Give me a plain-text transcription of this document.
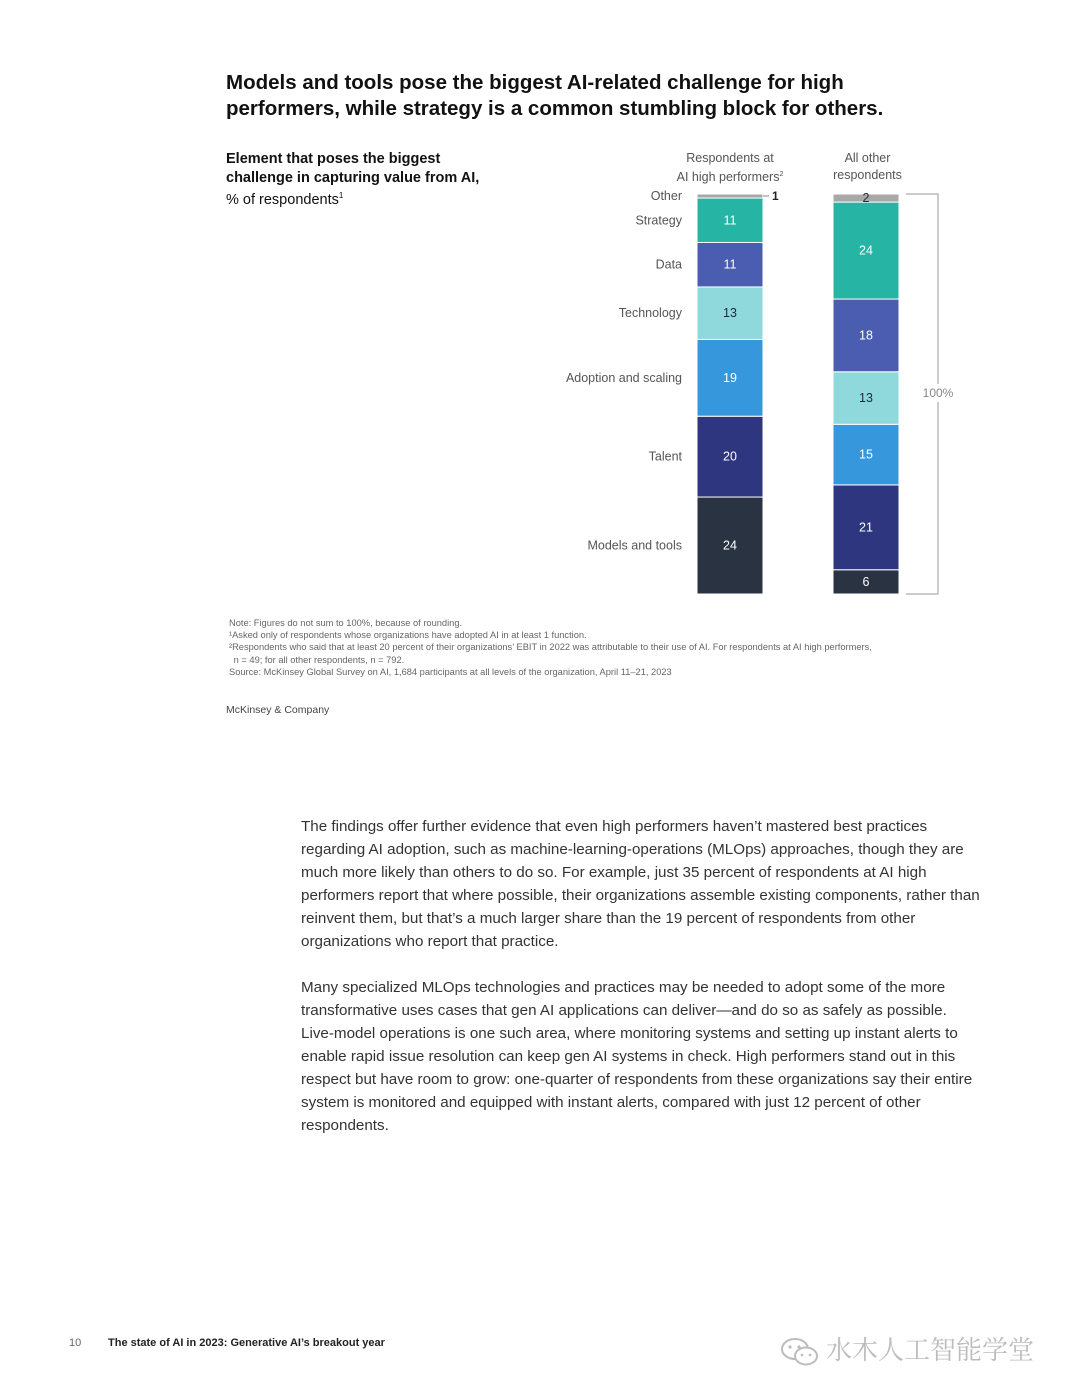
Models and tools pose the biggest AI-related challenge for high performers, while strategy is a common stumbling block for others.
Element that poses the biggest
challenge in capturing value from AI,
% of respondents$^1$
Respondents at
AI high performers$^2$
All other
respondents
24
20
19
13
11
11
1
6
21
15
13
18
24
2
Models and tools
Talent
Adoption and scaling
Technology
Data
Strategy
Other
100%
Note: Figures do not sum to 100%, because of rounding.
¹Asked only of respondents whose organizations have adopted AI in at least 1 function.
²Respondents who said that at least 20 percent of their organizations’ EBIT in 2022 was attributable to their use of AI. For respondents at AI high performers,
 n = 49; for all other respondents, n = 792.
Source: McKinsey Global Survey on AI, 1,684 participants at all levels of the organization, April 11–21, 2023
McKinsey & Company

The findings offer further evidence that even high performers haven’t mastered best practices regarding AI adoption, such as machine-learning-operations (MLOps) approaches, though they are much more likely than others to do so. For example, just 35 percent of respondents at AI high performers report that where possible, their organizations assemble existing components, rather than reinvent them, but that’s a much larger share than the 19 percent of respondents from other organizations who report that practice.

Many specialized MLOps technologies and practices may be needed to adopt some of the more transformative uses cases that gen AI applications can deliver—and do so as safely as possible. Live-model operations is one such area, where monitoring systems and setting up instant alerts to enable rapid issue resolution can keep gen AI systems in check. High performers stand out in this respect but have room to grow: one-quarter of respondents from these organizations say their entire system is monitored and equipped with instant alerts, compared with just 12 percent of other respondents.

10 The state of AI in 2023: Generative AI’s breakout year	水木人工智能学堂
